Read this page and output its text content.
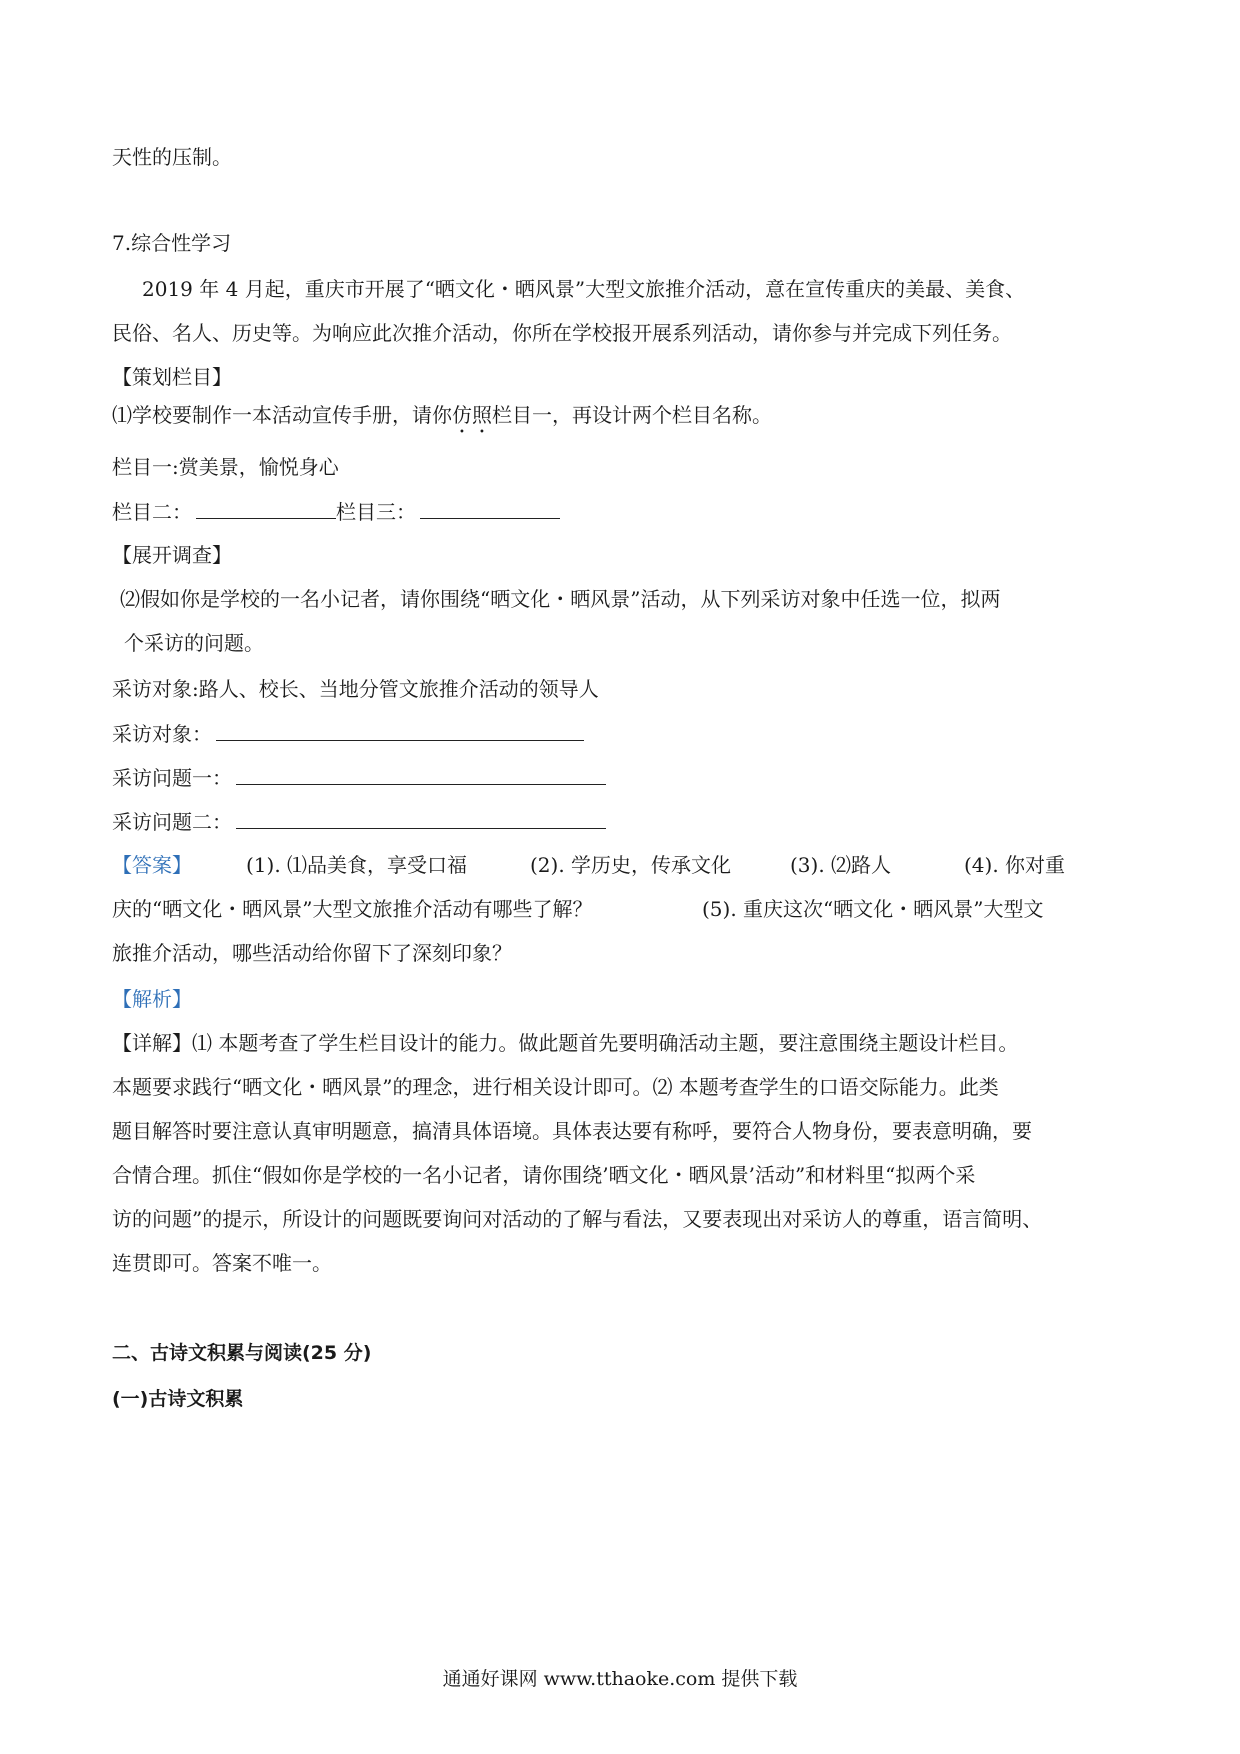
天性的压制。
7.综合性学习
2019 年 4 月起，重庆市开展了“晒文化・晒风景”大型文旅推介活动，意在宣传重庆的美最、美食、
民俗、名人、历史等。为响应此次推介活动，你所在学校报开展系列活动，请你参与并完成下列任务。
【策划栏目】
⑴学校要制作一本活动宣传手册，请你仿照栏目一，再设计两个栏目名称。
栏目一:赏美景，愉悦身心
栏目二：	栏目三：
【展开调查】
⑵假如你是学校的一名小记者，请你围绕“晒文化・晒风景”活动，从下列采访对象中任选一位，拟两
个采访的问题。
采访对象:路人、校长、当地分管文旅推介活动的领导人
采访对象：
采访问题一：
采访问题二：
【答案】	(1). ⑴品美食，享受口福	(2). 学历史，传承文化	(3). ⑵路人	(4). 你对重
庆的“晒文化・晒风景”大型文旅推介活动有哪些了解？	(5). 重庆这次“晒文化・晒风景”大型文
旅推介活动，哪些活动给你留下了深刻印象？
【解析】
【详解】⑴ 本题考查了学生栏目设计的能力。做此题首先要明确活动主题，要注意围绕主题设计栏目。
本题要求践行“晒文化・晒风景”的理念，进行相关设计即可。⑵ 本题考查学生的口语交际能力。此类
题目解答时要注意认真审明题意，搞清具体语境。具体表达要有称呼，要符合人物身份，要表意明确，要
合情合理。抓住“假如你是学校的一名小记者，请你围绕’晒文化・晒风景’活动”和材料里“拟两个采
访的问题”的提示，所设计的问题既要询问对活动的了解与看法，又要表现出对采访人的尊重，语言简明、
连贯即可。答案不唯一。
二、古诗文积累与阅读(25 分)
(一)古诗文积累
通通好课网 www.tthaoke.com 提供下载
